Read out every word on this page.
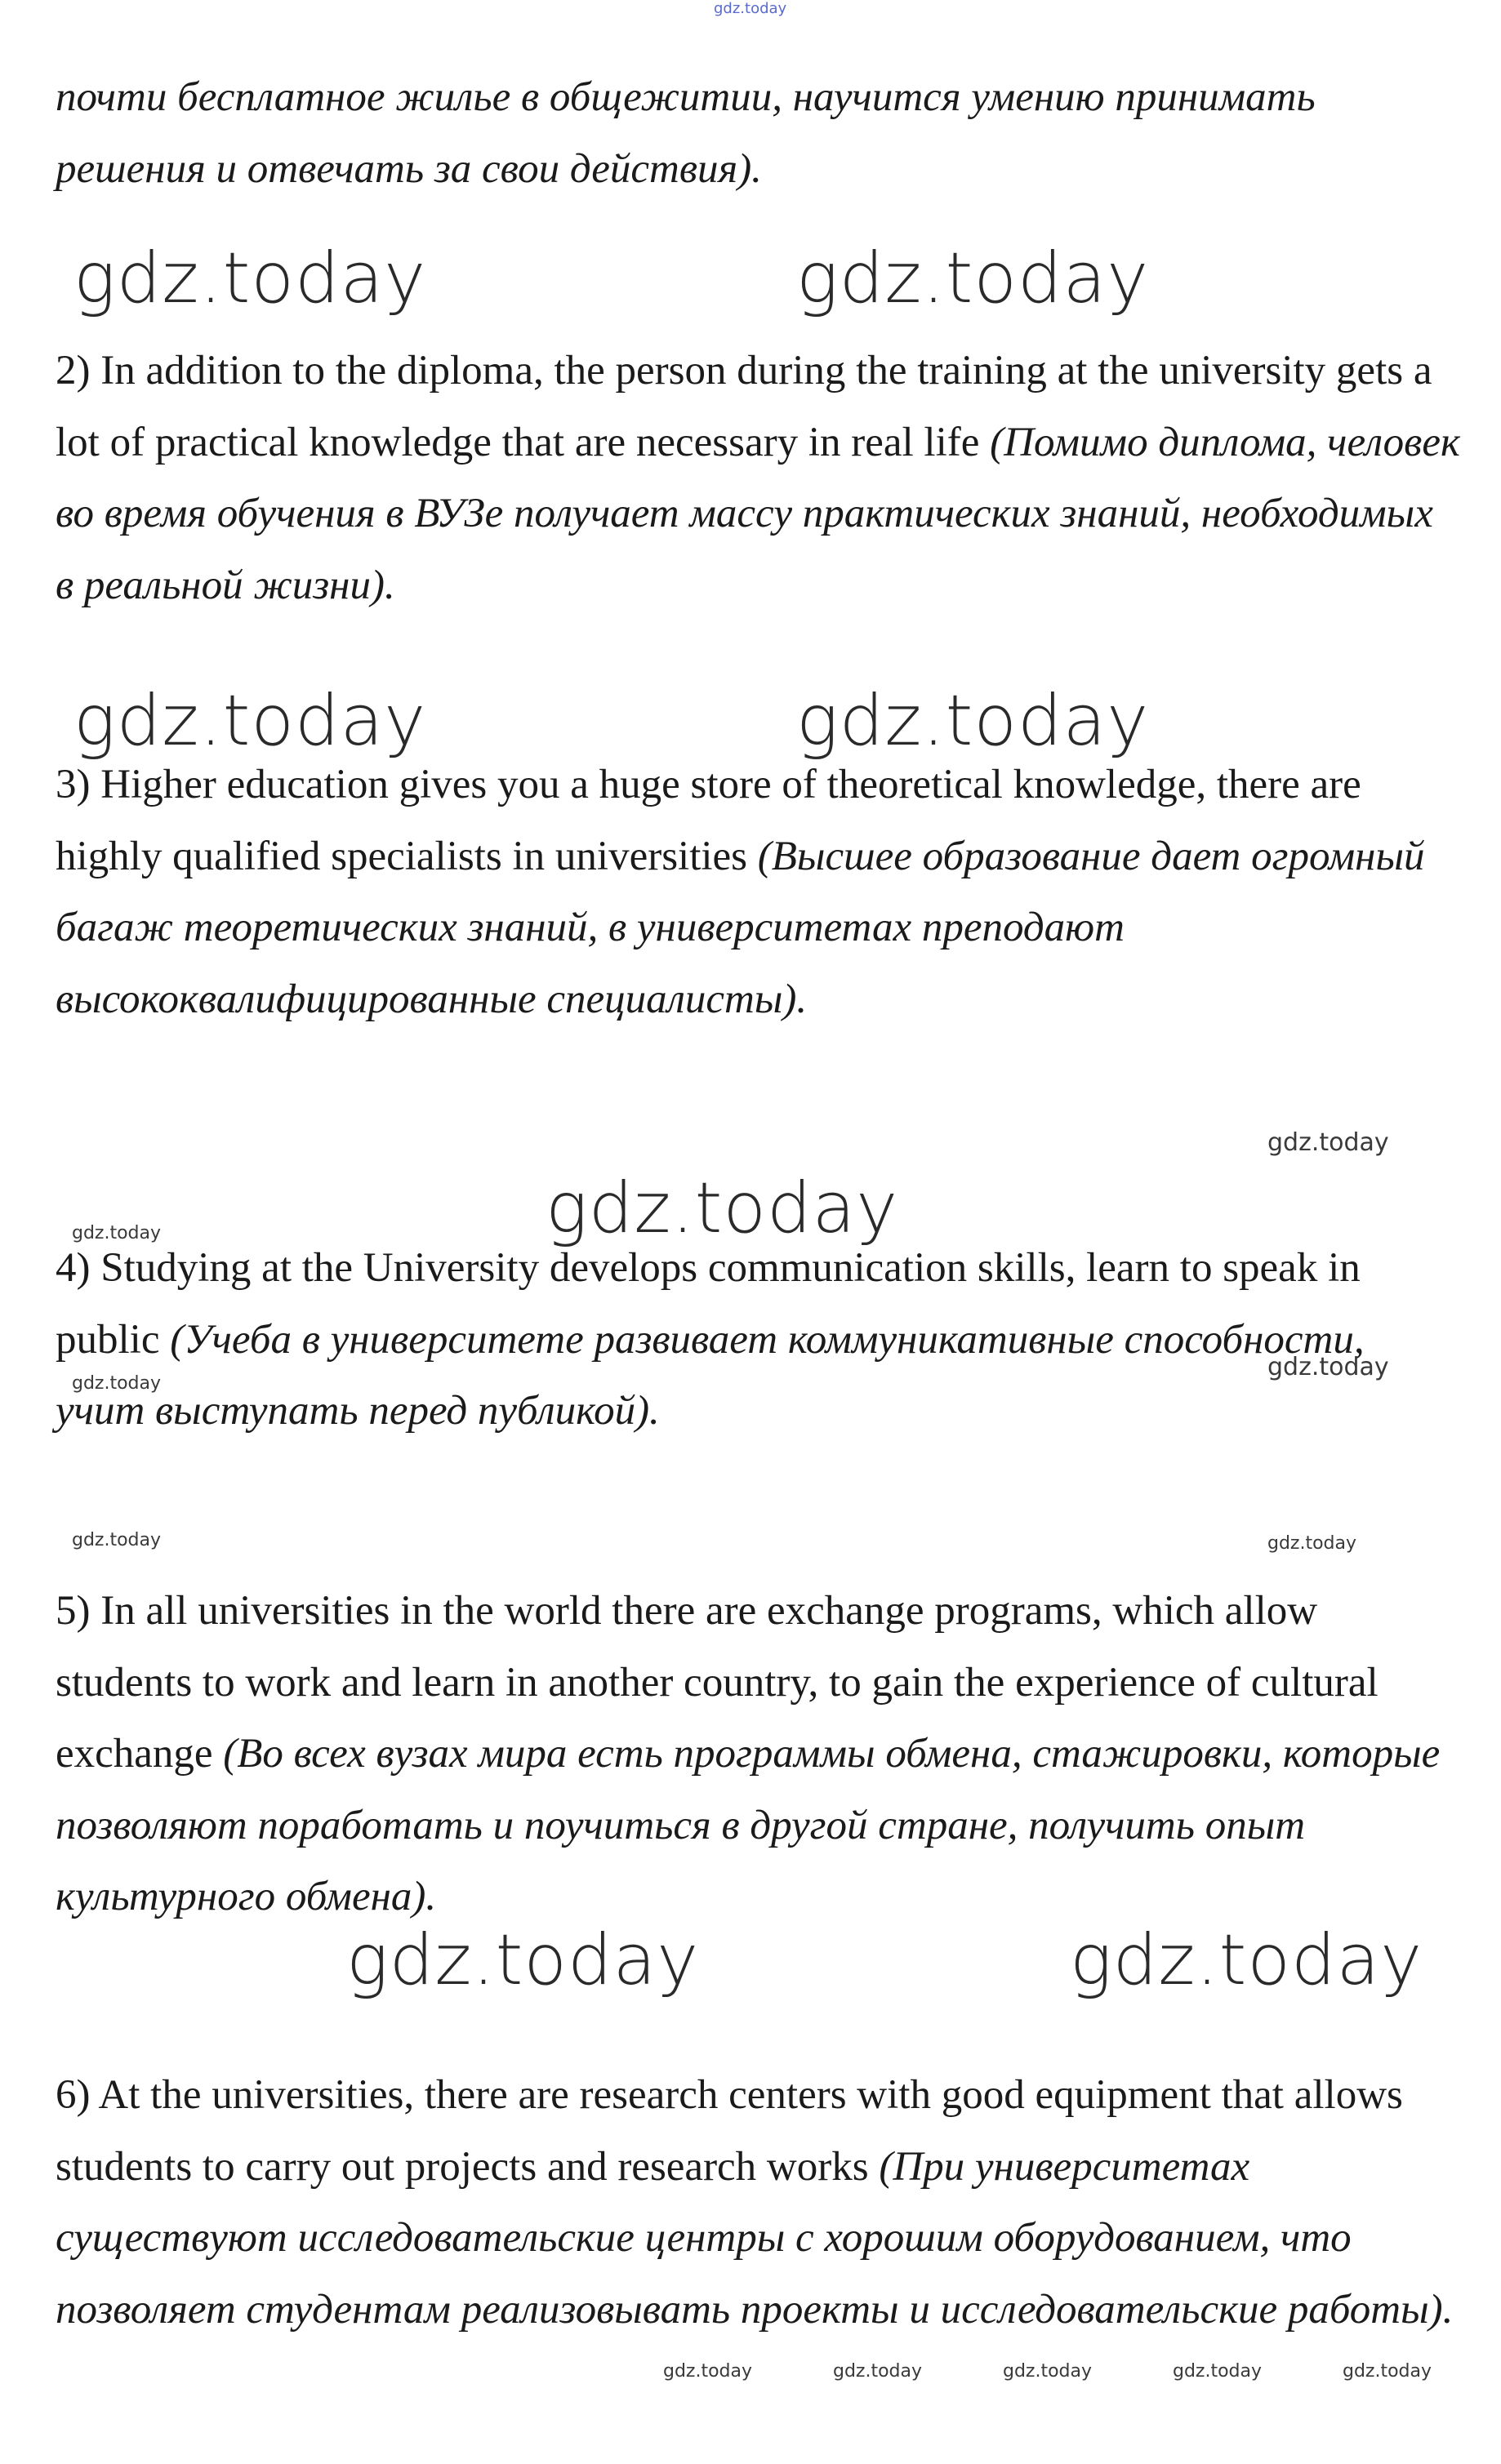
gdz.today

почти бесплатное жилье в общежитии, научится умению принимать решения и отвечать за свои действия).

gdz.today	gdz.today

2) In addition to the diploma, the person during the training at the university gets a lot of practical knowledge that are necessary in real life (Помимо диплома, человек во время обучения в ВУЗе получает массу практических знаний, необходимых в реальной жизни).

gdz.today	gdz.today

3) Higher education gives you a huge store of theoretical knowledge, there are highly qualified specialists in universities (Высшее образование дает огромный багаж теоретических знаний, в университетах преподают высококвалифицированные специалисты).

gdz.today
gdz.today
gdz.today

4) Studying at the University develops communication skills, learn to speak in public (Учеба в университете развивает коммуникативные способности, учит выступать перед публикой).

gdz.today
gdz.today
gdz.today	gdz.today

5) In all universities in the world there are exchange programs, which allow students to work and learn in another country, to gain the experience of cultural exchange (Во всех вузах мира есть программы обмена, стажировки, которые позволяют поработать и поучиться в другой стране, получить опыт культурного обмена).

gdz.today	gdz.today

6) At the universities, there are research centers with good equipment that allows students to carry out projects and research works (При университетах существуют исследовательские центры с хорошим оборудованием, что позволяет студентам реализовывать проекты и исследовательские работы).

gdz.today	gdz.today	gdz.today	gdz.today	gdz.today
